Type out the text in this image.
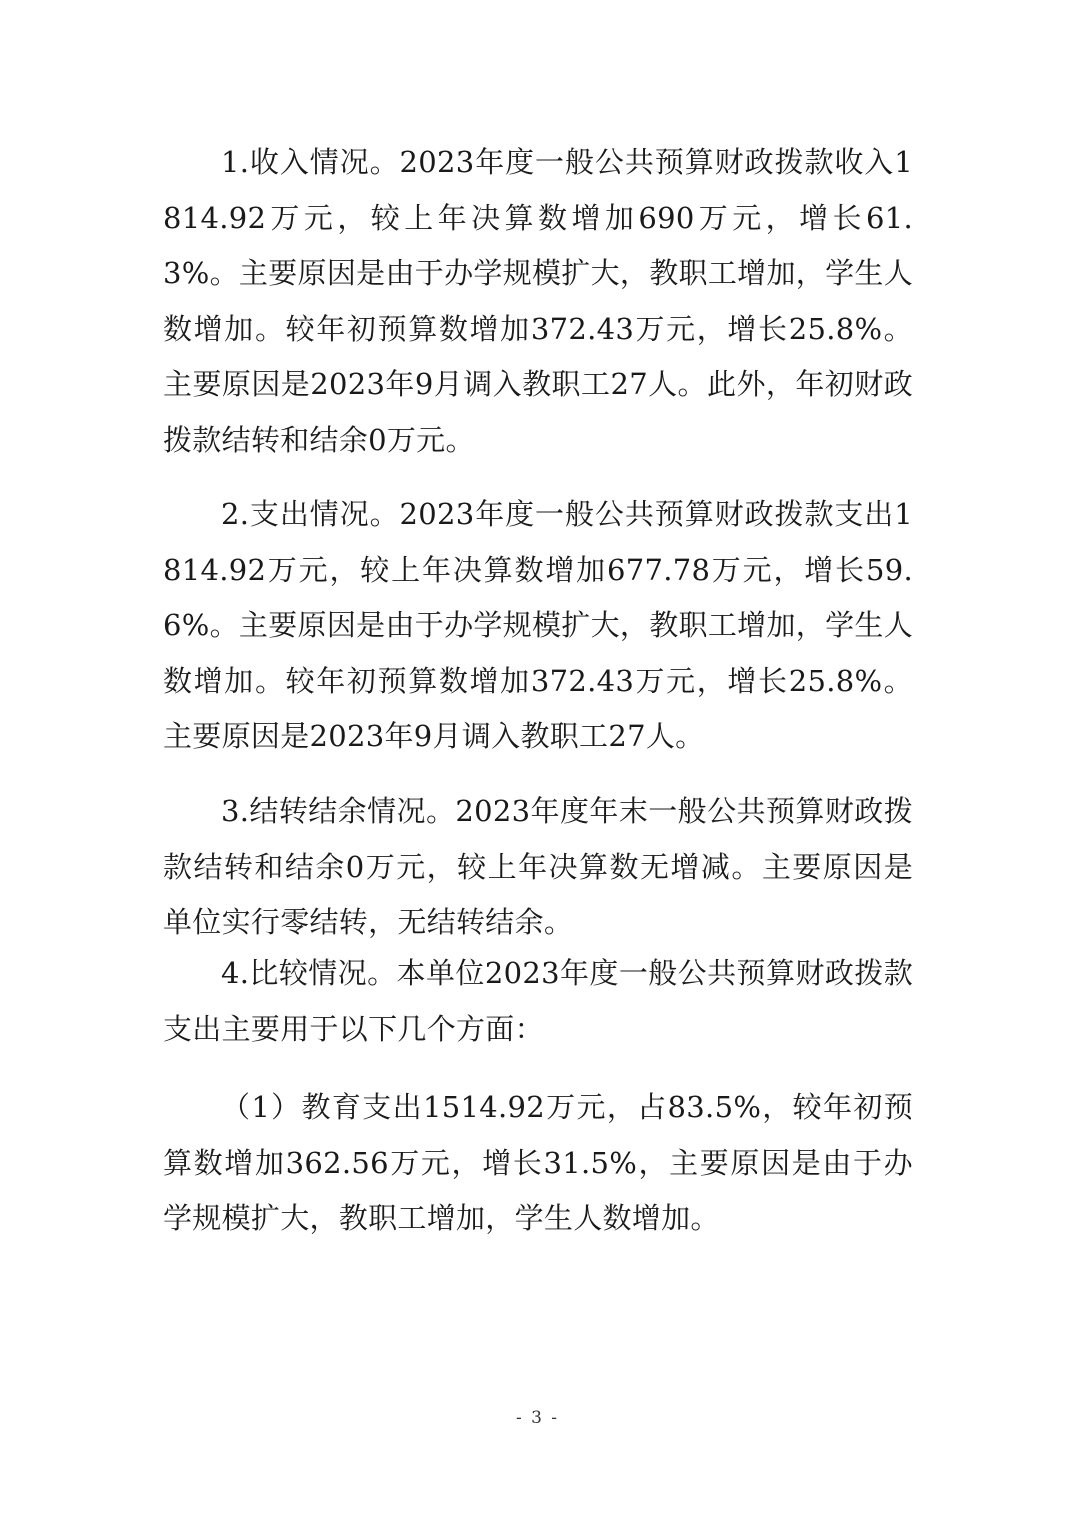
1.收入情况。2023年度一般公共预算财政拨款收入1814.92万元，较上年决算数增加690万元，增长61.3%。主要原因是由于办学规模扩大，教职工增加，学生人数增加。较年初预算数增加372.43万元，增长25.8%。主要原因是2023年9月调入教职工27人。此外，年初财政拨款结转和结余0万元。

2.支出情况。2023年度一般公共预算财政拨款支出1814.92万元，较上年决算数增加677.78万元，增长59.6%。主要原因是由于办学规模扩大，教职工增加，学生人数增加。较年初预算数增加372.43万元，增长25.8%。主要原因是2023年9月调入教职工27人。

3.结转结余情况。2023年度年末一般公共预算财政拨款结转和结余0万元，较上年决算数无增减。主要原因是单位实行零结转，无结转结余。

4.比较情况。本单位2023年度一般公共预算财政拨款支出主要用于以下几个方面：

（1）教育支出1514.92万元，占83.5%，较年初预算数增加362.56万元，增长31.5%，主要原因是由于办学规模扩大，教职工增加，学生人数增加。

- 3 -
